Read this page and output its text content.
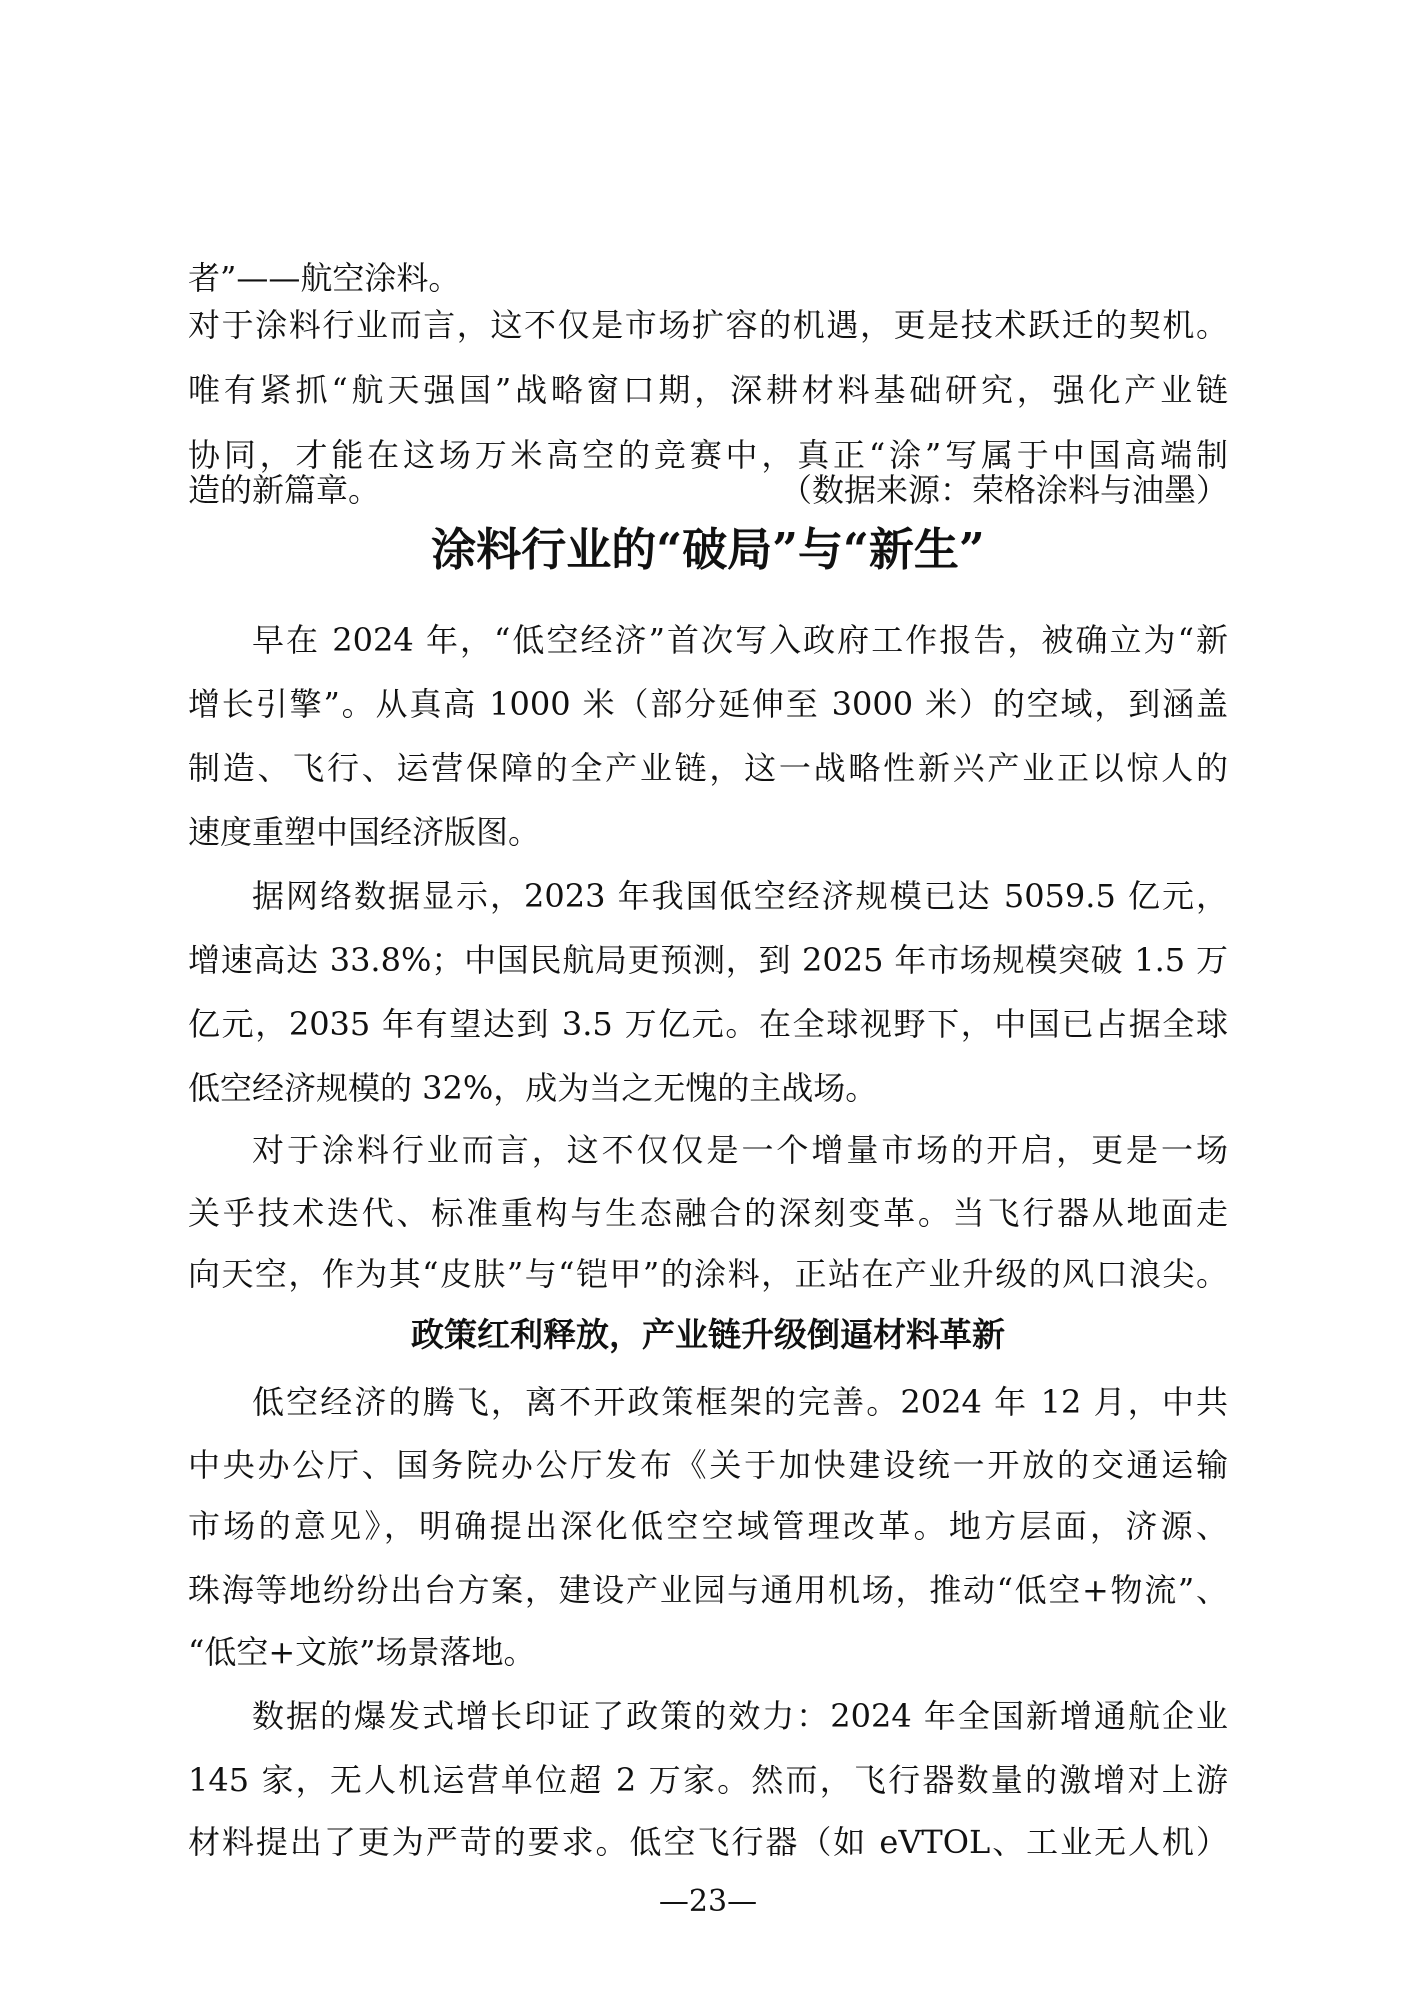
者”——航空涂料。
对于涂料行业而言，这不仅是市场扩容的机遇，更是技术跃迁的契机。
唯有紧抓“航天强国”战略窗口期，深耕材料基础研究，强化产业链
协同，才能在这场万米高空的竞赛中，真正“涂”写属于中国高端制
造的新篇章。	（数据来源：荣格涂料与油墨）
涂料行业的“破局”与“新生”
早在 2024 年，“低空经济”首次写入政府工作报告，被确立为“新
增长引擎”。从真高 1000 米（部分延伸至 3000 米）的空域，到涵盖
制造、飞行、运营保障的全产业链，这一战略性新兴产业正以惊人的
速度重塑中国经济版图。
据网络数据显示，2023 年我国低空经济规模已达 5059.5 亿元，
增速高达 33.8%；中国民航局更预测，到 2025 年市场规模突破 1.5 万
亿元，2035 年有望达到 3.5 万亿元。在全球视野下，中国已占据全球
低空经济规模的 32%，成为当之无愧的主战场。
对于涂料行业而言，这不仅仅是一个增量市场的开启，更是一场
关乎技术迭代、标准重构与生态融合的深刻变革。当飞行器从地面走
向天空，作为其“皮肤”与“铠甲”的涂料，正站在产业升级的风口浪尖。
政策红利释放，产业链升级倒逼材料革新
低空经济的腾飞，离不开政策框架的完善。2024 年 12 月，中共
中央办公厅、国务院办公厅发布《关于加快建设统一开放的交通运输
市场的意见》，明确提出深化低空空域管理改革。地方层面，济源、
珠海等地纷纷出台方案，建设产业园与通用机场，推动“低空+物流”、
“低空+文旅”场景落地。
数据的爆发式增长印证了政策的效力：2024 年全国新增通航企业
145 家，无人机运营单位超 2 万家。然而，飞行器数量的激增对上游
材料提出了更为严苛的要求。低空飞行器（如 eVTOL、工业无人机）
—23—
